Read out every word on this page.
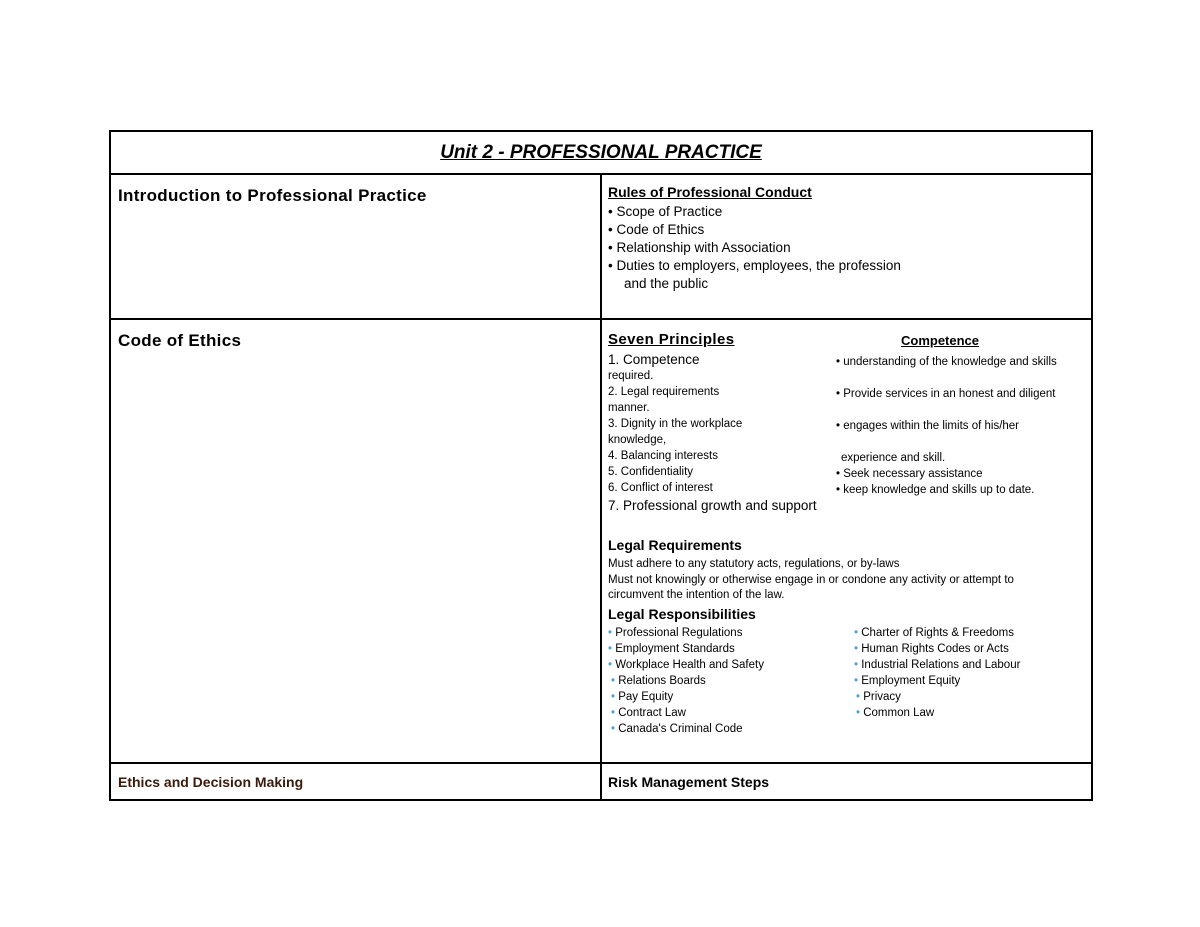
Unit 2 - PROFESSIONAL PRACTICE
Introduction to Professional Practice	Rules of Professional Conduct
• Scope of Practice
• Code of Ethics
• Relationship with Association
• Duties to employers, employees, the profession
and the public
Code of Ethics	Seven Principles	Competence
1. Competence
required.
2. Legal requirements
manner.
3. Dignity in the workplace
knowledge,
4. Balancing interests
5. Confidentiality
6. Conflict of interest
7. Professional growth and support
• understanding of the knowledge and skills
• Provide services in an honest and diligent
• engages within the limits of his/her
experience and skill.
• Seek necessary assistance
• keep knowledge and skills up to date.
Legal Requirements
Must adhere to any statutory acts, regulations, or by-laws
Must not knowingly or otherwise engage in or condone any activity or attempt to
circumvent the intention of the law.
Legal Responsibilities
• Professional Regulations
• Employment Standards
• Workplace Health and Safety
• Relations Boards
• Pay Equity
• Contract Law
• Canada's Criminal Code
• Charter of Rights & Freedoms
• Human Rights Codes or Acts
• Industrial Relations and Labour
• Employment Equity
• Privacy
• Common Law
Ethics and Decision Making	Risk Management Steps
